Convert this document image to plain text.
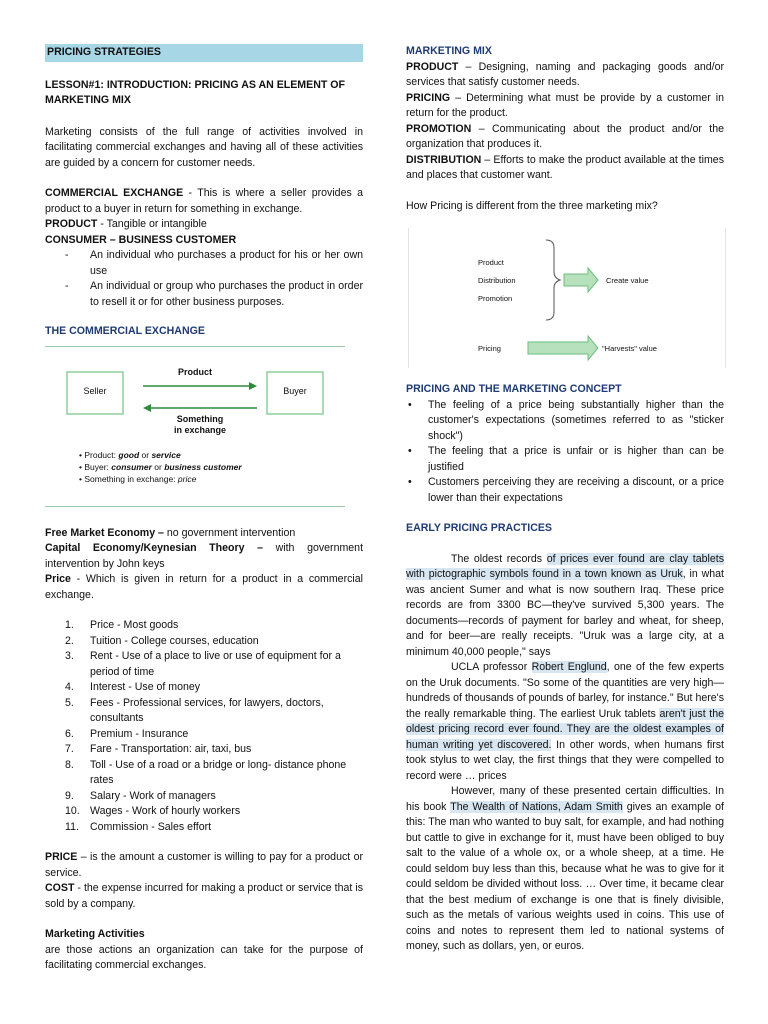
PRICING STRATEGIES
LESSON#1: INTRODUCTION: PRICING AS AN ELEMENT OF MARKETING MIX

Marketing consists of the full range of activities involved in facilitating commercial exchanges and having all of these activities are guided by a concern for customer needs.

COMMERCIAL EXCHANGE - This is where a seller provides a product to a buyer in return for something in exchange.

PRODUCT - Tangible or intangible

CONSUMER – BUSINESS CUSTOMER

- An individual who purchases a product for his or her own use
- An individual or group who purchases the product in order to resell it or for other business purposes.
THE COMMERCIAL EXCHANGE
Seller	Buyer
Product
Something
in exchange
• Product: good or service
• Buyer: consumer or business customer
• Something in exchange: price

Free Market Economy – no government intervention

Capital Economy/Keynesian Theory – with government intervention by John keys

Price - Which is given in return for a product in a commercial exchange.

1. Price - Most goods
2. Tuition - College courses, education
3. Rent - Use of a place to live or use of equipment for a period of time
4. Interest - Use of money
5. Fees - Professional services, for lawyers, doctors, consultants
6. Premium - Insurance
7. Fare - Transportation: air, taxi, bus
8. Toll - Use of a road or a bridge or long- distance phone rates
9. Salary - Work of managers
10. Wages - Work of hourly workers
11. Commission - Sales effort

PRICE – is the amount a customer is willing to pay for a product or service.

COST - the expense incurred for making a product or service that is sold by a company.

Marketing Activities

are those actions an organization can take for the purpose of facilitating commercial exchanges.

MARKETING MIX

PRODUCT – Designing, naming and packaging goods and/or services that satisfy customer needs.

PRICING – Determining what must be provide by a customer in return for the product.

PROMOTION – Communicating about the product and/or the organization that produces it.

DISTRIBUTION – Efforts to make the product available at the times and places that customer want.

How Pricing is different from the three marketing mix?

Product
Distribution
Promotion
Create value
Pricing	"Harvests" value
PRICING AND THE MARKETING CONCEPT
• The feeling of a price being substantially higher than the customer's expectations (sometimes referred to as "sticker shock")
• The feeling that a price is unfair or is higher than can be justified
• Customers perceiving they are receiving a discount, or a price lower than their expectations
EARLY PRICING PRACTICES

The oldest records of prices ever found are clay tablets with pictographic symbols found in a town known as Uruk, in what was ancient Sumer and what is now southern Iraq. These price records are from 3300 BC—they've survived 5,300 years. The documents—records of payment for barley and wheat, for sheep, and for beer—are really receipts. "Uruk was a large city, at a minimum 40,000 people," says

UCLA professor Robert Englund, one of the few experts on the Uruk documents. "So some of the quantities are very high—hundreds of thousands of pounds of barley, for instance." But here's the really remarkable thing. The earliest Uruk tablets aren't just the oldest pricing record ever found. They are the oldest examples of human writing yet discovered. In other words, when humans first took stylus to wet clay, the first things that they were compelled to record were … prices

However, many of these presented certain difficulties. In his book The Wealth of Nations, Adam Smith gives an example of this: The man who wanted to buy salt, for example, and had nothing but cattle to give in exchange for it, must have been obliged to buy salt to the value of a whole ox, or a whole sheep, at a time. He could seldom buy less than this, because what he was to give for it could seldom be divided without loss. … Over time, it became clear that the best medium of exchange is one that is finely divisible, such as the metals of various weights used in coins. This use of coins and notes to represent them led to national systems of money, such as dollars, yen, or euros.
